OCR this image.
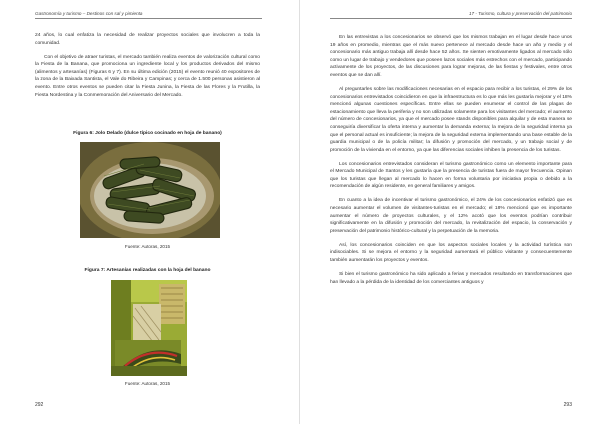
Gastronomía y turismo – Destinos con sal y pimienta

24 años, lo cual enfatiza la necesidad de realizar proyectos sociales que involucren a toda la comunidad.

Con el objetivo de atraer turistas, el mercado también realiza eventos de valorización cultural como la Fiesta de la Banana, que promociona un ingrediente local y los productos derivados del mismo (alimentos y artesanías) (Figuras 6 y 7). En su última edición (2015) el evento reunió 40 expositores de la zona de la Baixada Santista, el Vale do Ribeira y Campinas; y cerca de 1.500 personas asistieron al evento. Entre otros eventos se pueden citar la Fiesta Junina, la Fiesta de las Flores y la Frutilla, la Fiesta Nordestina y la Conmemoración del Aniversario del Mercado.

Figura 6: Jolo Delado (dulce típico cocinado en hoja de banano)
Fuente: Autoras, 2015
Figura 7: Artesanías realizadas con la hoja del banano
Fuente: Autoras, 2015
292
17 - Turismo, cultura y preservación del patrimonio

En las entrevistas a los concesionarios se observó que los mismos trabajan en el lugar desde hace unos 19 años en promedio, mientras que el más nuevo pertenece al mercado desde hace un año y medio y el concesionario más antiguo trabaja allí desde hace 52 años. Se sienten emotivamente ligados al mercado sólo como un lugar de trabajo y vendedores que poseen lazos sociales más estrechos con el mercado, participando activamente de los proyectos, de las discusiones para lograr mejoras, de las fiestas y festivales, entre otros eventos que se dan allí.

Al preguntarles sobre las modificaciones necesarias en el espacio para recibir a los turistas, el 29% de los concesionarios entrevistados coincidieron en que la infraestructura es lo que más les gustaría mejorar y el 18% mencionó algunas cuestiones específicas. Entre ellas se pueden enumerar el control de las plagas de estacionamiento que lleva la periferia y no son utilizadas solamente para los visitantes del mercado; el aumento del número de concesionarios, ya que el mercado posee stands disponibles para alquilar y de esta manera se conseguiría diversificar la oferta interna y aumentar la demanda externa; la mejora de la seguridad interna ya que el personal actual es insuficiente; la mejora de la seguridad externa implementando una base estable de la guardia municipal o de la policía militar; la difusión y promoción del mercado, y un trabajo social y de promoción de la vivienda en el entorno, ya que las diferencias sociales inhiben la presencia de los turistas.

Los concesionarios entrevistados consideran el turismo gastronómico como un elemento importante para el Mercado Municipal de Santos y les gustaría que la presencia de turistas fuera de mayor frecuencia. Opinan que los turistas que llegan al mercado lo hacen en forma voluntaria por iniciativa propia o debido a la recomendación de algún residente, en general familiares y amigos.

En cuanto a la idea de incentivar el turismo gastronómico, el 24% de los concesionarios enfatizó que es necesario aumentar el volumen de visitantes-turistas en el mercado; el 18% mencionó que es importante aumentar el número de proyectos culturales, y el 12% acotó que los eventos podrían contribuir significativamente en la difusión y promoción del mercado, la revitalización del espacio, la conservación y preservación del patrimonio histórico-cultural y la perpetuación de la memoria.

Así, los concesionarios coinciden en que los aspectos sociales locales y la actividad turística son indisociables. Si se mejora el entorno y la seguridad aumentará el público visitante y consecuentemente también aumentarán los proyectos y eventos.

Si bien el turismo gastronómico ha sido aplicado a ferias y mercados resultando en transformaciones que han llevado a la pérdida de la identidad de los comerciantes antiguos y

293
